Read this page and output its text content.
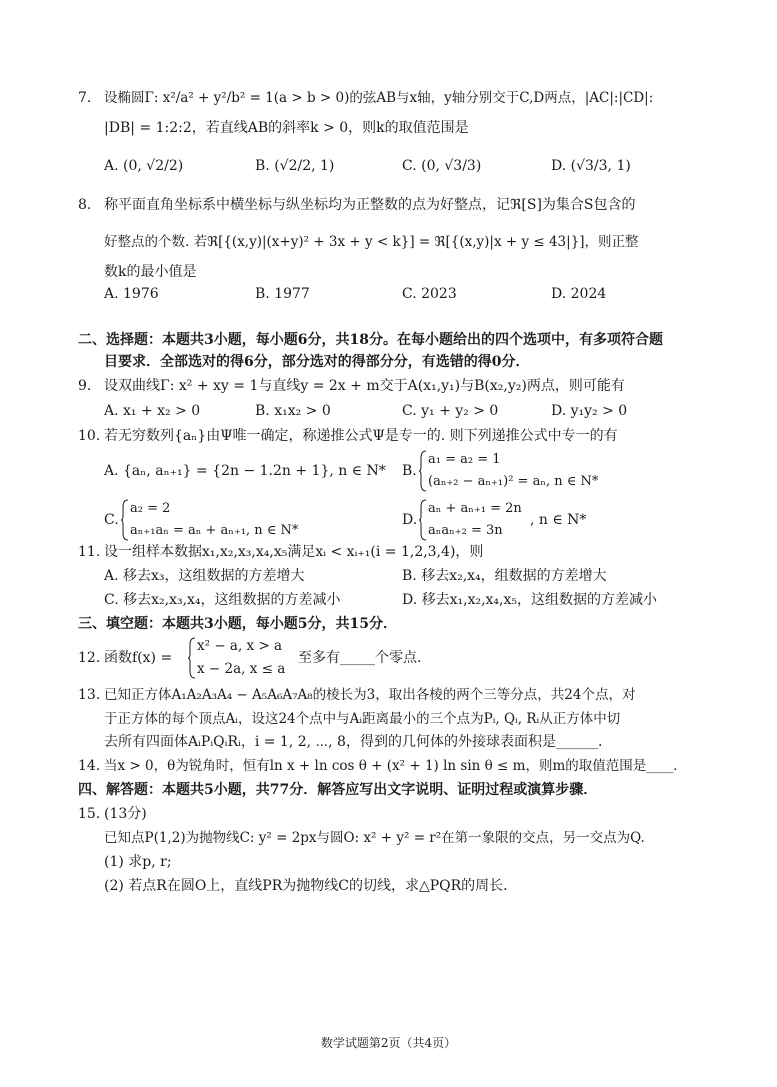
7. 设椭圆Γ: x²/a² + y²/b² = 1(a > b > 0)的弦AB与x轴，y轴分别交于C,D两点，|AC|:|CD|:
|DB| = 1:2:2，若直线AB的斜率k > 0，则k的取值范围是
A. (0, √2/2)	B. (√2/2, 1)	C. (0, √3/3)	D. (√3/3, 1)
8. 称平面直角坐标系中横坐标与纵坐标均为正整数的点为好整点，记ℜ[S]为集合S包含的
好整点的个数. 若ℜ[{(x,y)|(x+y)² + 3x + y < k}] = ℜ[{(x,y)|x + y ≤ 43|}]，则正整
数k的最小值是
A. 1976	B. 1977	C. 2023	D. 2024
二、选择题：本题共3小题，每小题6分，共18分。在每小题给出的四个选项中，有多项符合题
目要求．全部选对的得6分，部分选对的得部分分，有选错的得0分．
9. 设双曲线Γ: x² + xy = 1与直线y = 2x + m交于A(x₁,y₁)与B(x₂,y₂)两点，则可能有
A. x₁ + x₂ > 0	B. x₁x₂ > 0	C. y₁ + y₂ > 0	D. y₁y₂ > 0
10. 若无穷数列{aₙ}由Ψ唯一确定，称递推公式Ψ是专一的. 则下列递推公式中专一的有
A. {aₙ, aₙ₊₁} = {2n − 1.2n + 1}, n ∈ N* B.
a₁ = a₂ = 1
(aₙ₊₂ − aₙ₊₁)² = aₙ, n ∈ N*
C.
a₂ = 2
aₙ₊₁aₙ = aₙ + aₙ₊₁, n ∈ N*
D.
aₙ + aₙ₊₁ = 2n
aₙaₙ₊₂ = 3n
, n ∈ N*
11. 设一组样本数据x₁,x₂,x₃,x₄,x₅满足xᵢ < xᵢ₊₁(i = 1,2,3,4)，则
A. 移去x₃，这组数据的方差增大	B. 移去x₂,x₄，组数据的方差增大
C. 移去x₂,x₃,x₄，这组数据的方差减小	D. 移去x₁,x₂,x₄,x₅，这组数据的方差减小
三、填空题：本题共3小题，每小题5分，共15分．
12. 函数f(x) =
x² − a, x > a
x − 2a, x ≤ a
至多有_____个零点．
13. 已知正方体A₁A₂A₃A₄ − A₅A₆A₇A₈的棱长为3，取出各棱的两个三等分点，共24个点，对
于正方体的每个顶点Aᵢ，设这24个点中与Aᵢ距离最小的三个点为Pᵢ, Qᵢ, Rᵢ从正方体中切
去所有四面体AᵢPᵢQᵢRᵢ，i = 1, 2, ⋯, 8，得到的几何体的外接球表面积是______．
14. 当x > 0，θ为锐角时，恒有ln x + ln cos θ + (x² + 1) ln sin θ ≤ m，则m的取值范围是____．
四、解答题：本题共5小题，共77分．解答应写出文字说明、证明过程或演算步骤．
15. (13分)
已知点P(1,2)为抛物线C: y² = 2px与圆O: x² + y² = r²在第一象限的交点，另一交点为Q.
(1) 求p, r;
(2) 若点R在圆O上，直线PR为抛物线C的切线，求△PQR的周长．
数学试题第2页（共4页）
